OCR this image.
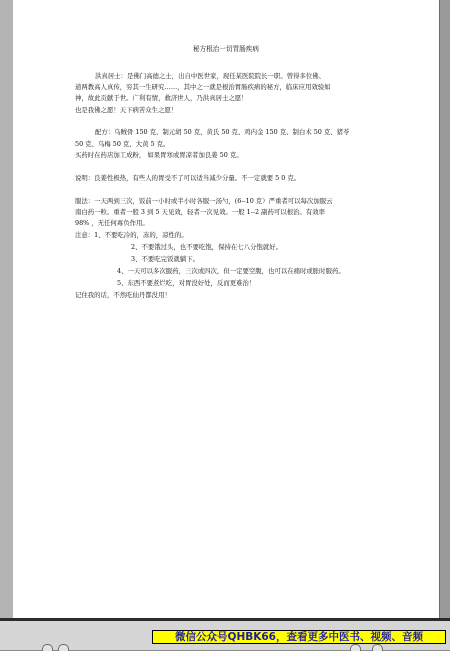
秘方根治一切胃肠疾病
洪真居士：是佛门高德之士，出自中医世家，现任某医院院长一职。曾得多位佛、
道两教高人真传，穷其一生研究……，其中之一就是根治胃肠疾病的秘方，临床应用效验如
神，故此贡献于世。广利有情，救济世人，乃洪真居士之愿！
也是我佛之愿！天下病苦众生之愿！
配方：乌贼骨 150 克、制元胡 50 克、黄氏 50 克、鸡内金 150 克、制白术 50 克、猪苓
50 克、乌梅 50 克、大黄 5 克。
买药时在药店加工成粉， 如果胃寒或胃凉者加良姜 50 克。
说明：良姜性极热，有些人的胃受不了可以适当减少分量。不一定就要 5 0 克。
服法：一天两到三次，饭前一小时或半小时各服一汤勺，(6--10 克）严重者可以每次加服云
南白药一粒。重者一般 3 到 5 天见效，轻者一次见效。一般 1--2 副药可以根治。有效率
98% ，无任何毒负作用。
注意：1、不要吃冷的，冻的，凉性的。
2、不要饿过头，也不要吃饱，保持在七八分饱就好。
3、不要吃完饭就躺下。
4、一天可以多次服药，三次或四次，但一定要空腹，也可以在痛时或胀时服药。
5、东西不要煮烂吃，对胃没好处，反而更难治！
记住我的话，不然吃仙丹都没用！
微信公众号QHBK66，查看更多中医书、视频、音频
